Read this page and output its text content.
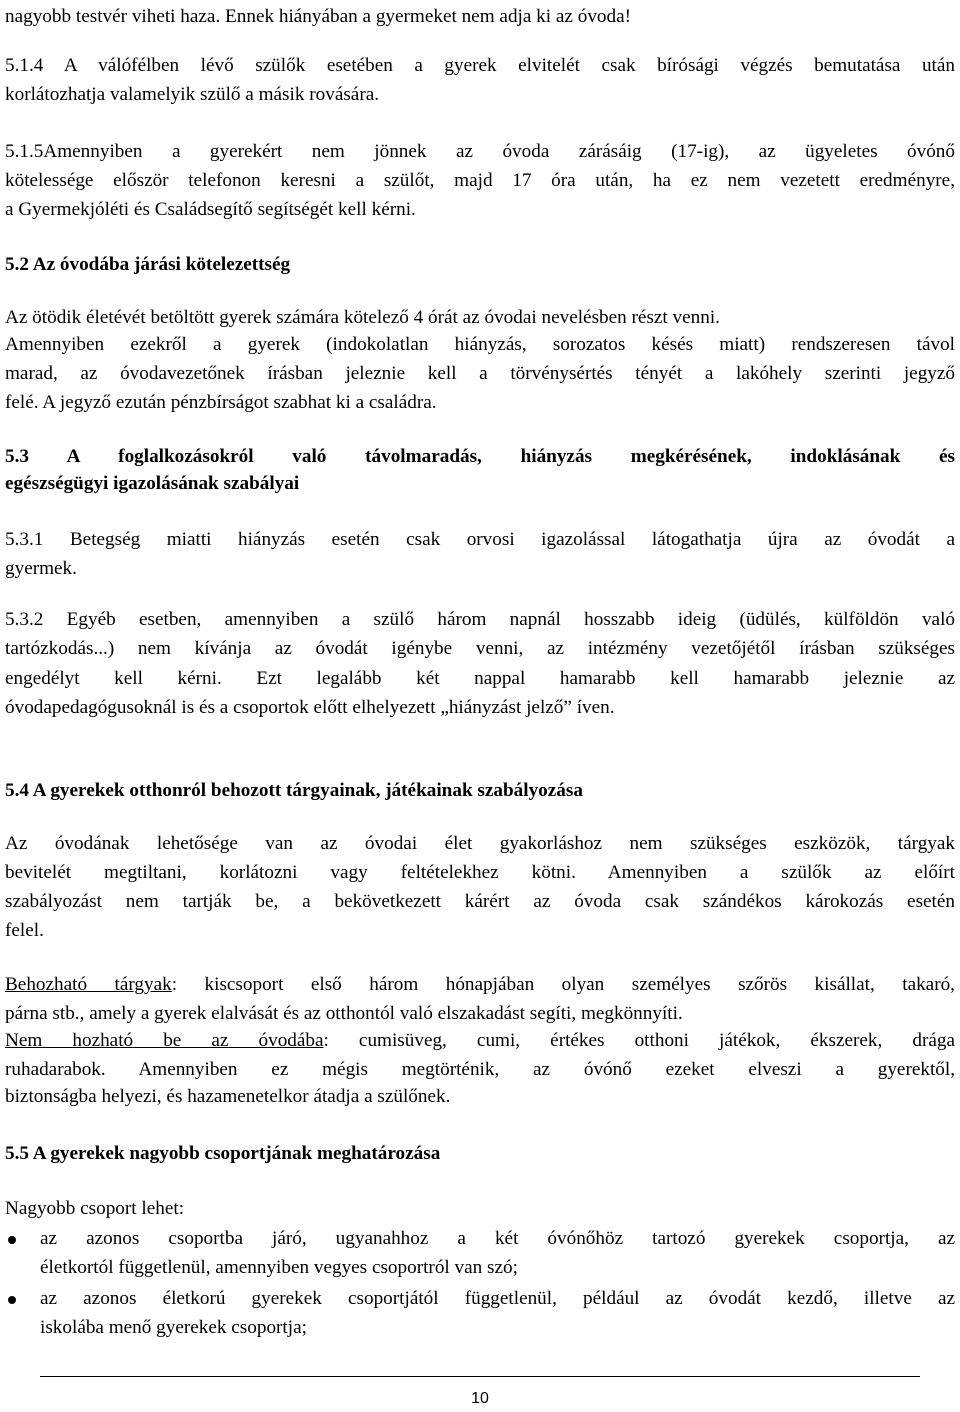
nagyobb testvér viheti haza. Ennek hiányában a gyermeket nem adja ki az óvoda!
5.1.4 A válófélben lévő szülők esetében a gyerek elvitelét csak bírósági végzés bemutatása után
korlátozhatja valamelyik szülő a másik rovására.
5.1.5Amennyiben a gyerekért nem jönnek az óvoda zárásáig (17-ig), az ügyeletes óvónő
kötelessége először telefonon keresni a szülőt, majd 17 óra után, ha ez nem vezetett eredményre,
a Gyermekjóléti és Családsegítő segítségét kell kérni.
5.2 Az óvodába járási kötelezettség
Az ötödik életévét betöltött gyerek számára kötelező 4 órát az óvodai nevelésben részt venni.
Amennyiben ezekről a gyerek (indokolatlan hiányzás, sorozatos késés miatt) rendszeresen távol
marad, az óvodavezetőnek írásban jeleznie kell a törvénysértés tényét a lakóhely szerinti jegyző
felé. A jegyző ezután pénzbírságot szabhat ki a családra.
5.3 A foglalkozásokról való távolmaradás, hiányzás megkérésének, indoklásának és
egészségügyi igazolásának szabályai
5.3.1 Betegség miatti hiányzás esetén csak orvosi igazolással látogathatja újra az óvodát a
gyermek.
5.3.2 Egyéb esetben, amennyiben a szülő három napnál hosszabb ideig (üdülés, külföldön való
tartózkodás...) nem kívánja az óvodát igénybe venni, az intézmény vezetőjétől írásban szükséges
engedélyt kell kérni. Ezt legalább két nappal hamarabb kell hamarabb jeleznie az
óvodapedagógusoknál is és a csoportok előtt elhelyezett „hiányzást jelző” íven.
5.4 A gyerekek otthonról behozott tárgyainak, játékainak szabályozása
Az óvodának lehetősége van az óvodai élet gyakorláshoz nem szükséges eszközök, tárgyak
bevitelét megtiltani, korlátozni vagy feltételekhez kötni. Amennyiben a szülők az előírt
szabályozást nem tartják be, a bekövetkezett kárért az óvoda csak szándékos károkozás esetén
felel.
Behozható tárgyak: kiscsoport első három hónapjában olyan személyes szőrös kisállat, takaró,
párna stb., amely a gyerek elalvását és az otthontól való elszakadást segíti, megkönnyíti.
Nem hozható be az óvodába: cumisüveg, cumi, értékes otthoni játékok, ékszerek, drága
ruhadarabok. Amennyiben ez mégis megtörténik, az óvónő ezeket elveszi a gyerektől,
biztonságba helyezi, és hazamenetelkor átadja a szülőnek.
5.5 A gyerekek nagyobb csoportjának meghatározása
Nagyobb csoport lehet:
az azonos csoportba járó, ugyanahhoz a két óvónőhöz tartozó gyerekek csoportja, az
életkortól függetlenül, amennyiben vegyes csoportról van szó;
az azonos életkorú gyerekek csoportjától függetlenül, például az óvodát kezdő, illetve az
iskolába menő gyerekek csoportja;
10
